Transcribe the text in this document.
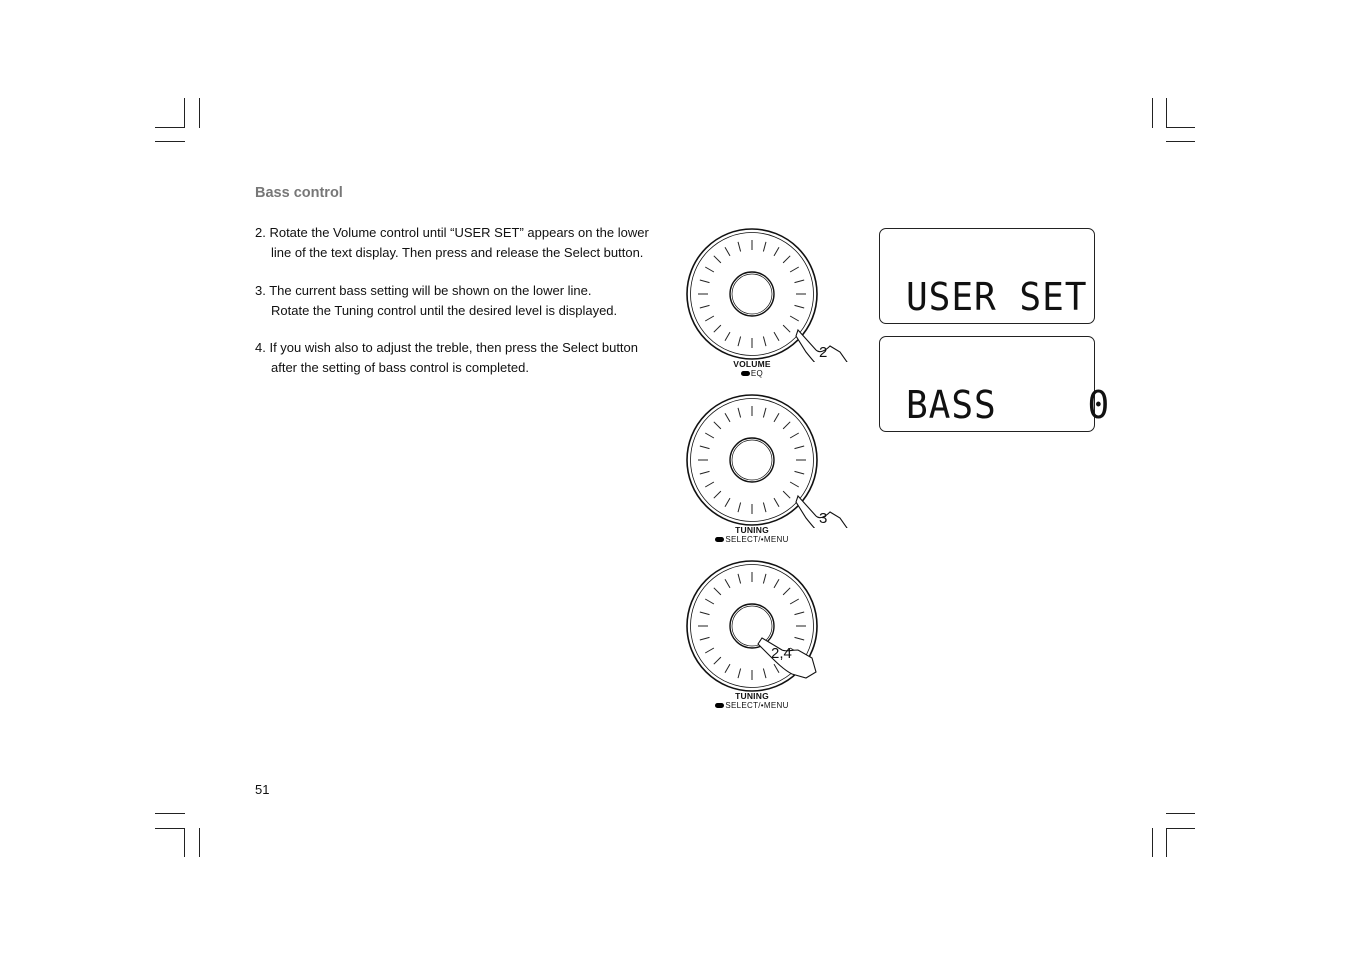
Bass control

2. Rotate the Volume control until “USER SET” appears on the lower
line of the text display. Then press and release the Select button.

3. The current bass setting will be shown on the lower line.
Rotate the Tuning control until the desired level is displayed.

4. If you wish also to adjust the treble, then press the Select button
after the setting of bass control is completed.

2
VOLUME
EQ
3
TUNING
SELECT/•MENU
2,4
TUNING
SELECT/•MENU
USER SET
BASS    0
51
